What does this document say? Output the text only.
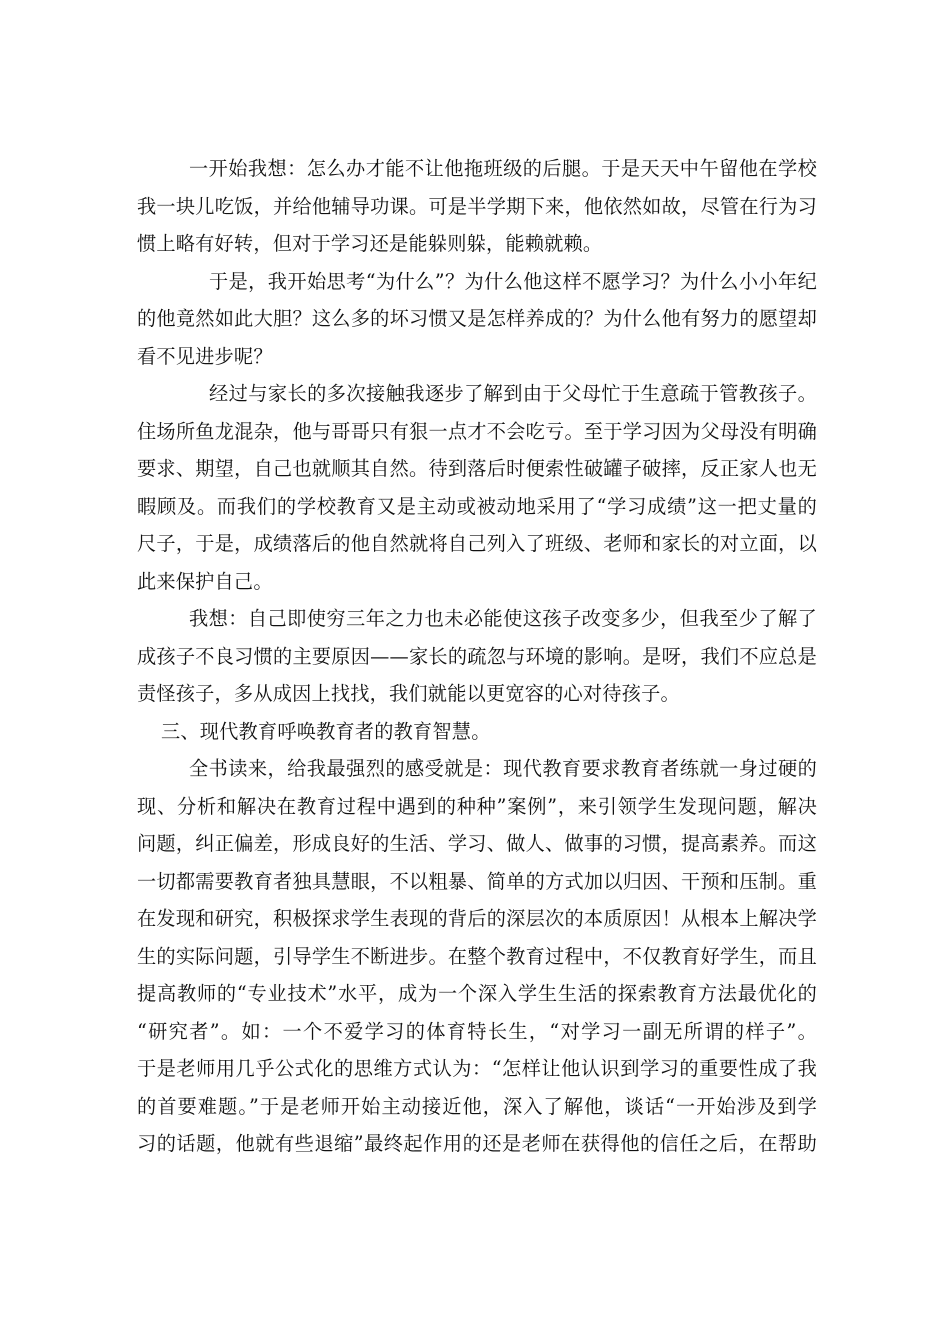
一开始我想：怎么办才能不让他拖班级的后腿。于是天天中午留他在学校
我一块儿吃饭，并给他辅导功课。可是半学期下来，他依然如故，尽管在行为习
惯上略有好转，但对于学习还是能躲则躲，能赖就赖。
于是，我开始思考“为什么”？为什么他这样不愿学习？为什么小小年纪
的他竟然如此大胆？这么多的坏习惯又是怎样养成的？为什么他有努力的愿望却
看不见进步呢？
经过与家长的多次接触我逐步了解到由于父母忙于生意疏于管教孩子。
住场所鱼龙混杂，他与哥哥只有狠一点才不会吃亏。至于学习因为父母没有明确
要求、期望，自己也就顺其自然。待到落后时便索性破罐子破摔，反正家人也无
暇顾及。而我们的学校教育又是主动或被动地采用了“学习成绩”这一把丈量的
尺子，于是，成绩落后的他自然就将自己列入了班级、老师和家长的对立面，以
此来保护自己。
我想：自己即使穷三年之力也未必能使这孩子改变多少，但我至少了解了
成孩子不良习惯的主要原因——家长的疏忽与环境的影响。是呀，我们不应总是
责怪孩子，多从成因上找找，我们就能以更宽容的心对待孩子。
三、现代教育呼唤教育者的教育智慧。
全书读来，给我最强烈的感受就是：现代教育要求教育者练就一身过硬的
现、分析和解决在教育过程中遇到的种种”案例”，来引领学生发现问题，解决
问题，纠正偏差，形成良好的生活、学习、做人、做事的习惯，提高素养。而这
一切都需要教育者独具慧眼，不以粗暴、简单的方式加以归因、干预和压制。重
在发现和研究，积极探求学生表现的背后的深层次的本质原因！从根本上解决学
生的实际问题，引导学生不断进步。在整个教育过程中，不仅教育好学生，而且
提高教师的“专业技术”水平，成为一个深入学生生活的探索教育方法最优化的
“研究者”。如：一个不爱学习的体育特长生，“对学习一副无所谓的样子”。
于是老师用几乎公式化的思维方式认为：“怎样让他认识到学习的重要性成了我
的首要难题。”于是老师开始主动接近他，深入了解他，谈话“一开始涉及到学
习的话题，他就有些退缩”最终起作用的还是老师在获得他的信任之后，在帮助
